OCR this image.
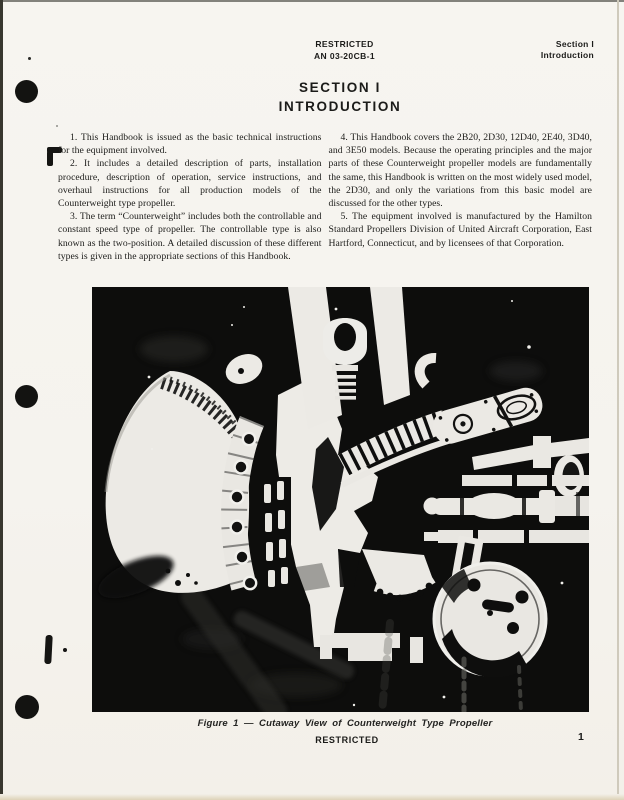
RESTRICTED
AN 03-20CB-1
Section I
Introduction
SECTION I
INTRODUCTION

1. This Handbook is issued as the basic technical instructions for the equipment involved.

2. It includes a detailed description of parts, installation procedure, description of operation, service instructions, and overhaul instructions for all production models of the Counterweight type propeller.

3. The term “Counterweight” includes both the controllable and constant speed type of propeller. The controllable type is also known as the two-position. A detailed discussion of these different types is given in the appropriate sections of this Handbook.

4. This Handbook covers the 2B20, 2D30, 12D40, 2E40, 3D40, and 3E50 models. Because the operating principles and the major parts of these Counterweight propeller models are fundamentally the same, this Handbook is written on the most widely used model, the 2D30, and only the variations from this basic model are discussed for the other types.

5. The equipment involved is manufactured by the Hamilton Standard Propellers Division of United Aircraft Corporation, East Hartford, Connecticut, and by licensees of that Corporation.

Figure 1 — Cutaway View of Counterweight Type Propeller
RESTRICTED	1
